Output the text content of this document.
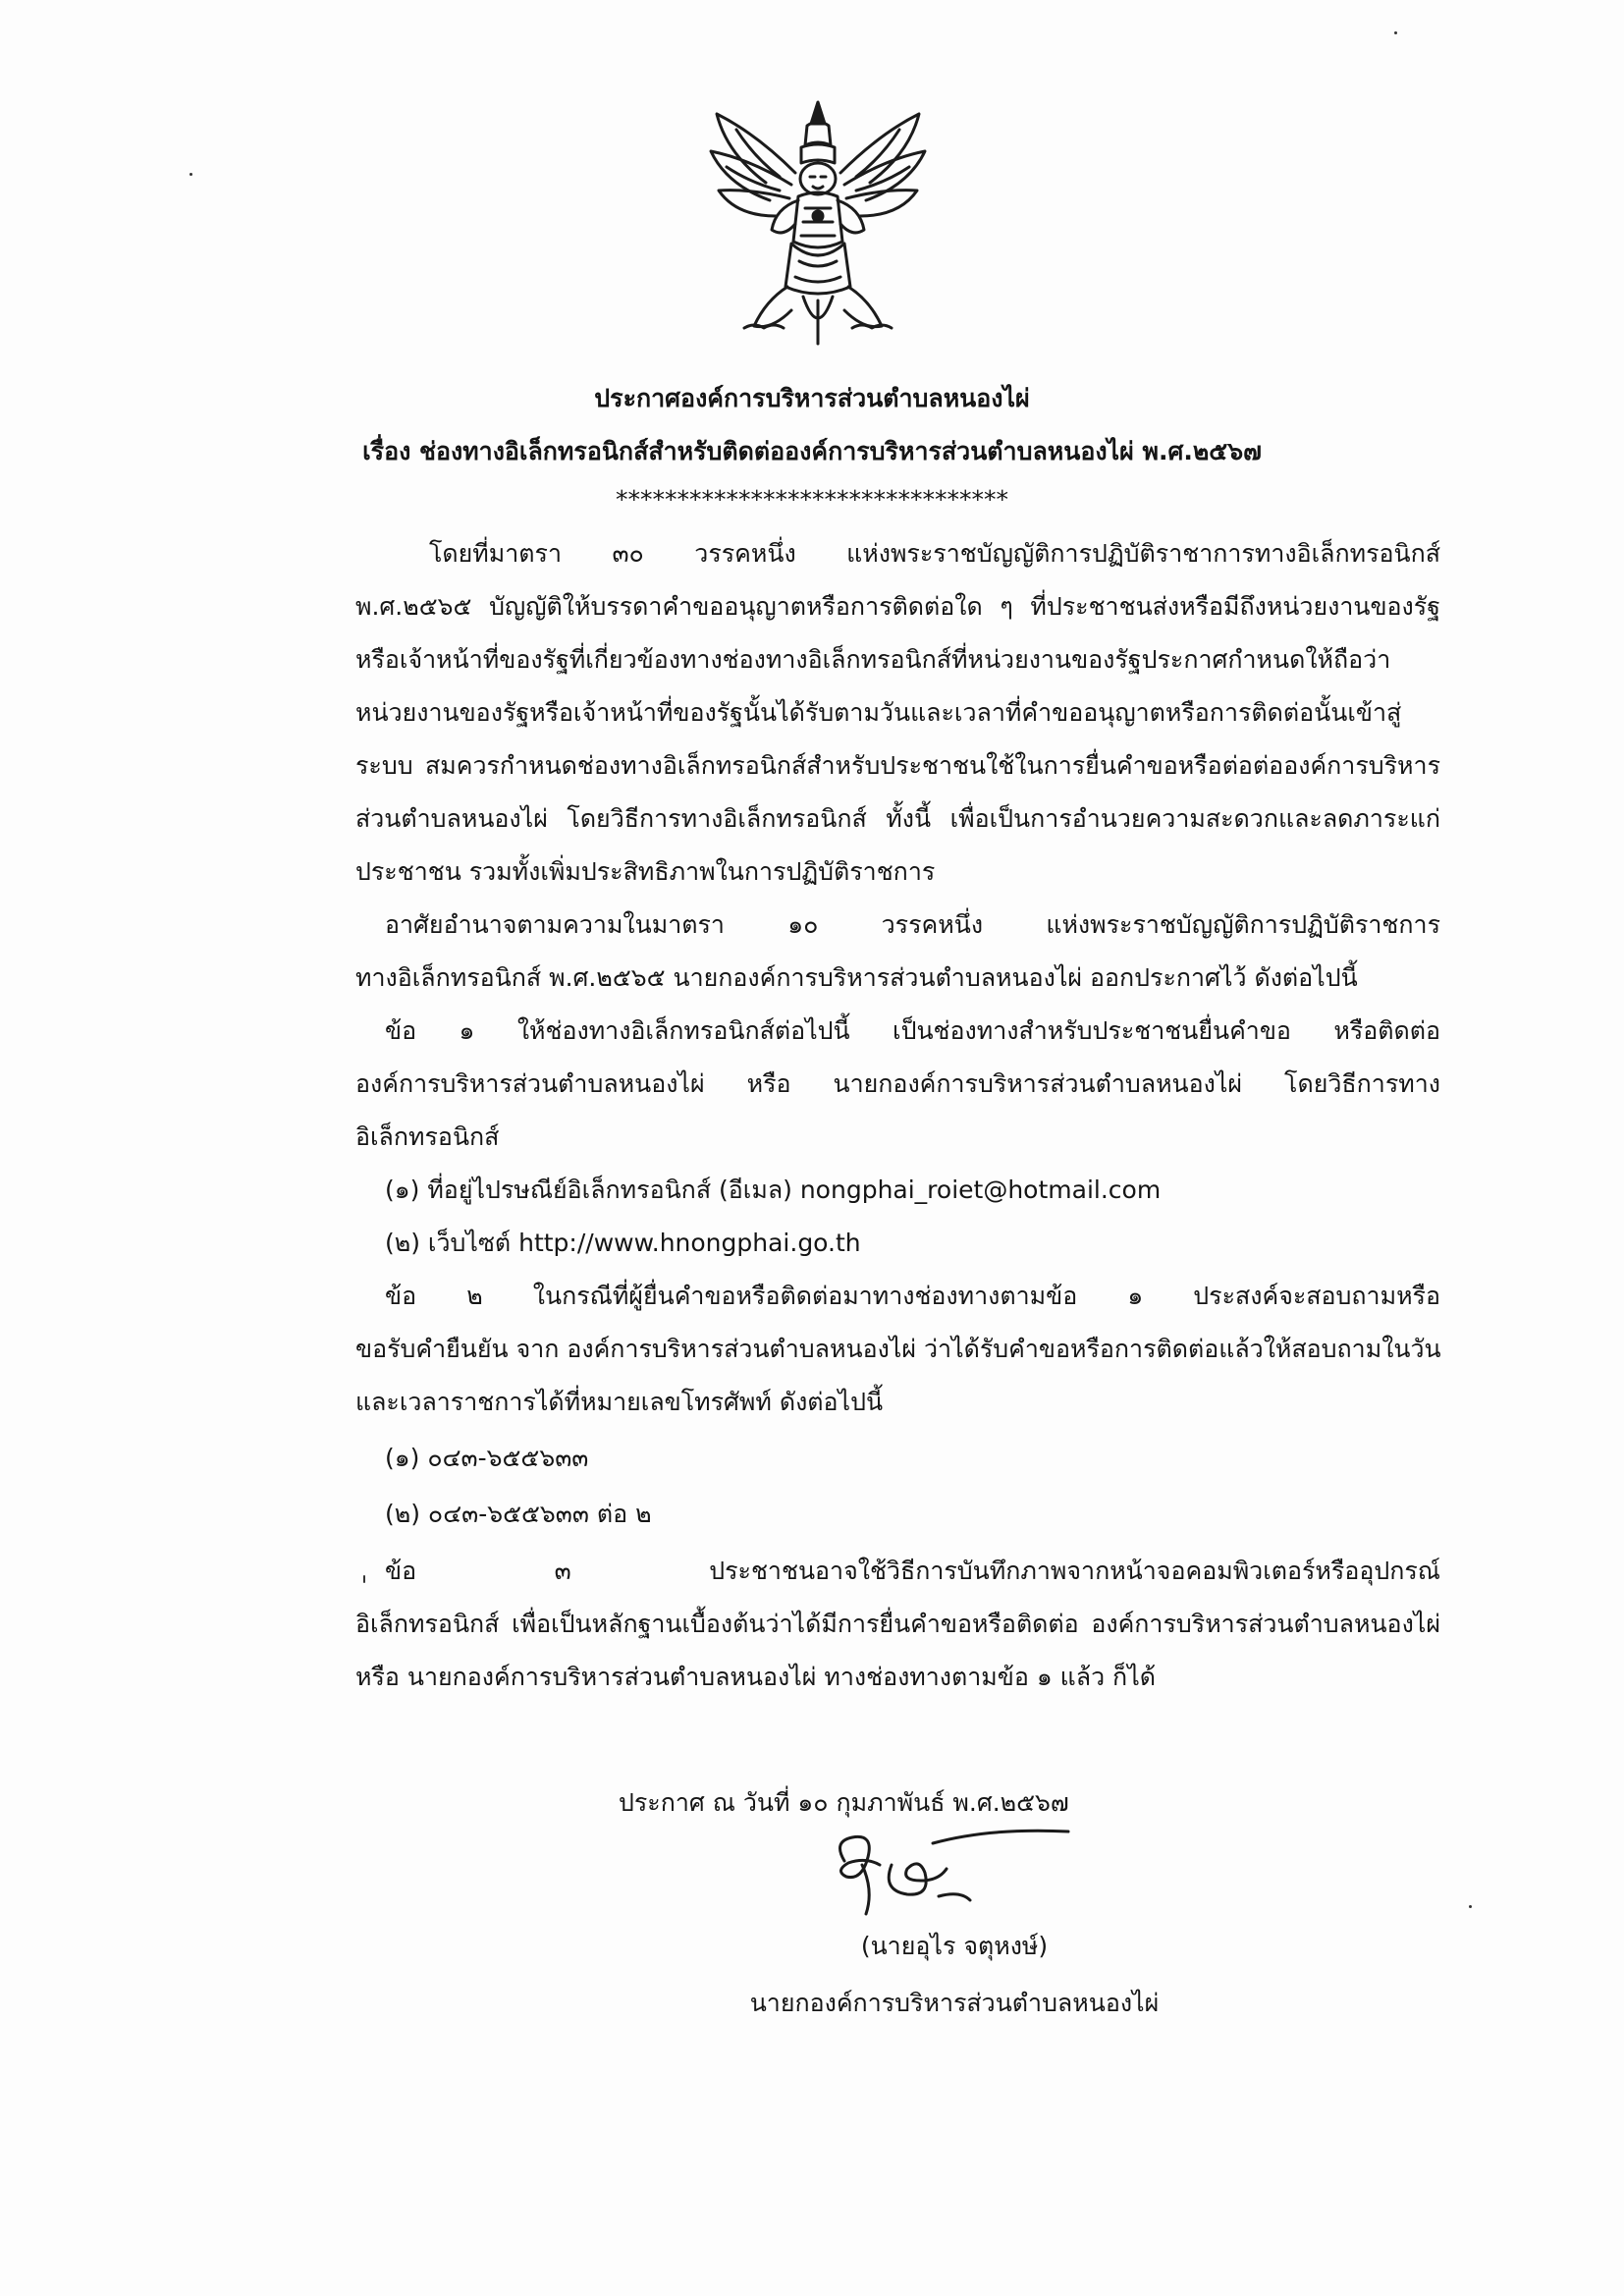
ประกาศองค์การบริหารส่วนตำบลหนองไผ่
เรื่อง ช่องทางอิเล็กทรอนิกส์สำหรับติดต่อองค์การบริหารส่วนตำบลหนองไผ่ พ.ศ.๒๕๖๗
********************************
โดยที่มาตรา ๓๐ วรรคหนึ่ง แห่งพระราชบัญญัติการปฏิบัติราชาการทางอิเล็กทรอนิกส์
พ.ศ.๒๕๖๕ บัญญัติให้บรรดาคำขออนุญาตหรือการติดต่อใด ๆ ที่ประชาชนส่งหรือมีถึงหน่วยงานของรัฐ
หรือเจ้าหน้าที่ของรัฐที่เกี่ยวข้องทางช่องทางอิเล็กทรอนิกส์ที่หน่วยงานของรัฐประกาศกำหนดให้ถือว่า
หน่วยงานของรัฐหรือเจ้าหน้าที่ของรัฐนั้นได้รับตามวันและเวลาที่คำขออนุญาตหรือการติดต่อนั้นเข้าสู่
ระบบ สมควรกำหนดช่องทางอิเล็กทรอนิกส์สำหรับประชาชนใช้ในการยื่นคำขอหรือต่อต่อองค์การบริหาร
ส่วนตำบลหนองไผ่ โดยวิธีการทางอิเล็กทรอนิกส์ ทั้งนี้ เพื่อเป็นการอำนวยความสะดวกและลดภาระแก่
ประชาชน รวมทั้งเพิ่มประสิทธิภาพในการปฏิบัติราชการ
อาศัยอำนาจตามความในมาตรา ๑๐ วรรคหนึ่ง แห่งพระราชบัญญัติการปฏิบัติราชการ
ทางอิเล็กทรอนิกส์ พ.ศ.๒๕๖๕ นายกองค์การบริหารส่วนตำบลหนองไผ่ ออกประกาศไว้ ดังต่อไปนี้
ข้อ ๑ ให้ช่องทางอิเล็กทรอนิกส์ต่อไปนี้ เป็นช่องทางสำหรับประชาชนยื่นคำขอ หรือติดต่อ
องค์การบริหารส่วนตำบลหนองไผ่ หรือ นายกองค์การบริหารส่วนตำบลหนองไผ่ โดยวิธีการทาง
อิเล็กทรอนิกส์
(๑) ที่อยู่ไปรษณีย์อิเล็กทรอนิกส์ (อีเมล) nongphai_roiet@hotmail.com
(๒) เว็บไซต์ http://www.hnongphai.go.th
ข้อ ๒ ในกรณีที่ผู้ยื่นคำขอหรือติดต่อมาทางช่องทางตามข้อ ๑ ประสงค์จะสอบถามหรือ
ขอรับคำยืนยัน จาก องค์การบริหารส่วนตำบลหนองไผ่ ว่าได้รับคำขอหรือการติดต่อแล้วให้สอบถามในวัน
และเวลาราชการได้ที่หมายเลขโทรศัพท์ ดังต่อไปนี้
(๑) ๐๔๓-๖๕๕๖๓๓
(๒) ๐๔๓-๖๕๕๖๓๓ ต่อ ๒
ข้อ ๓ ประชาชนอาจใช้วิธีการบันทึกภาพจากหน้าจอคอมพิวเตอร์หรืออุปกรณ์
อิเล็กทรอนิกส์ เพื่อเป็นหลักฐานเบื้องต้นว่าได้มีการยื่นคำขอหรือติดต่อ องค์การบริหารส่วนตำบลหนองไผ่
หรือ นายกองค์การบริหารส่วนตำบลหนองไผ่ ทางช่องทางตามข้อ ๑ แล้ว ก็ได้
ประกาศ ณ วันที่ ๑๐ กุมภาพันธ์ พ.ศ.๒๕๖๗
(นายอุไร จตุหงษ์)
นายกองค์การบริหารส่วนตำบลหนองไผ่
